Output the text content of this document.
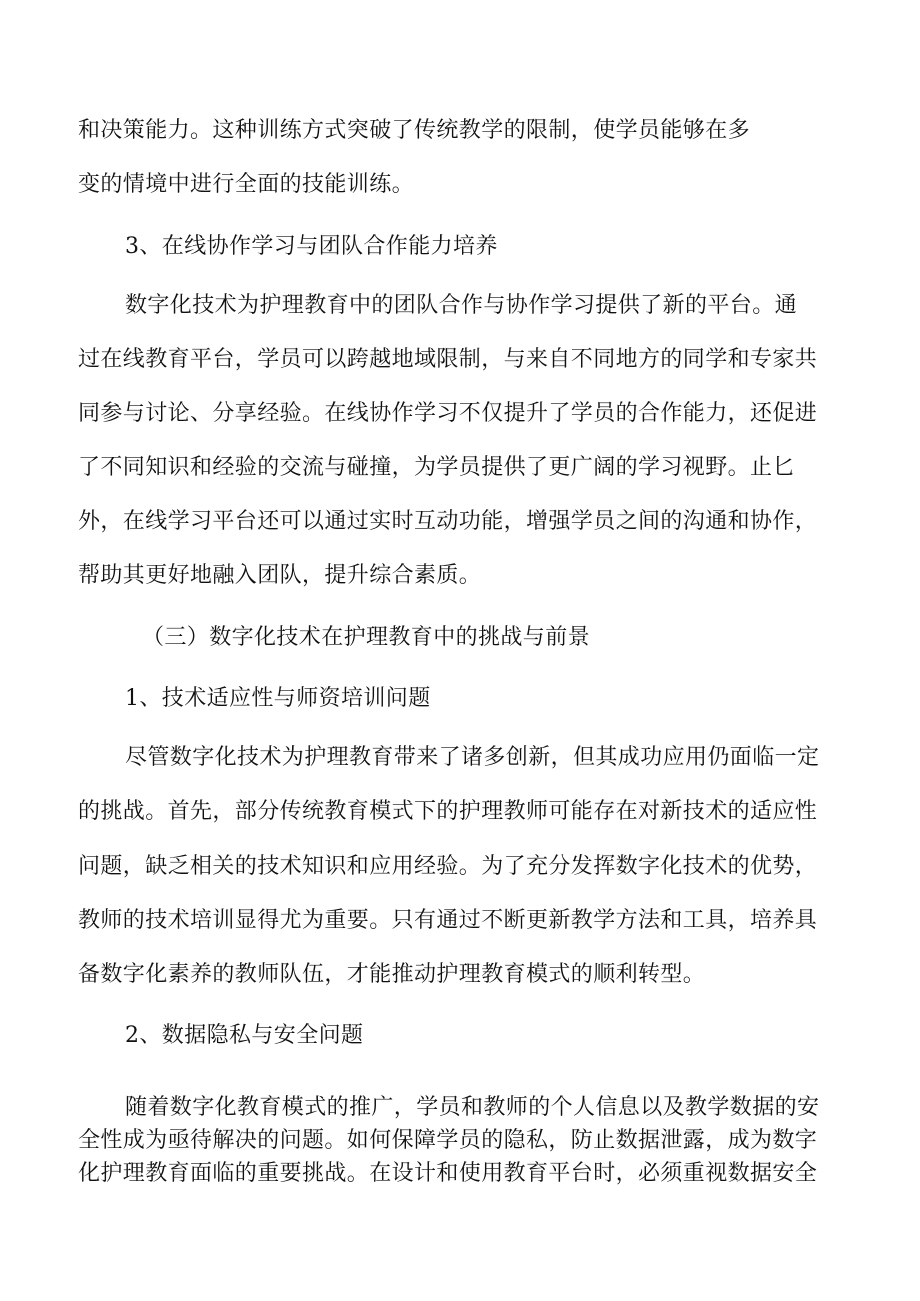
和决策能力。这种训练方式突破了传统教学的限制，使学员能够在多
变的情境中进行全面的技能训练。
3、在线协作学习与团队合作能力培养
数字化技术为护理教育中的团队合作与协作学习提供了新的平台。通
过在线教育平台，学员可以跨越地域限制，与来自不同地方的同学和专家共
同参与讨论、分享经验。在线协作学习不仅提升了学员的合作能力，还促进
了不同知识和经验的交流与碰撞，为学员提供了更广阔的学习视野。止匕
外，在线学习平台还可以通过实时互动功能，增强学员之间的沟通和协作，
帮助其更好地融入团队，提升综合素质。
（三）数字化技术在护理教育中的挑战与前景
1、技术适应性与师资培训问题
尽管数字化技术为护理教育带来了诸多创新，但其成功应用仍面临一定
的挑战。首先，部分传统教育模式下的护理教师可能存在对新技术的适应性
问题，缺乏相关的技术知识和应用经验。为了充分发挥数字化技术的优势，
教师的技术培训显得尤为重要。只有通过不断更新教学方法和工具，培养具
备数字化素养的教师队伍，才能推动护理教育模式的顺利转型。
2、数据隐私与安全问题
随着数字化教育模式的推广，学员和教师的个人信息以及教学数据的安
全性成为亟待解决的问题。如何保障学员的隐私，防止数据泄露，成为数字
化护理教育面临的重要挑战。在设计和使用教育平台时，必须重视数据安全
